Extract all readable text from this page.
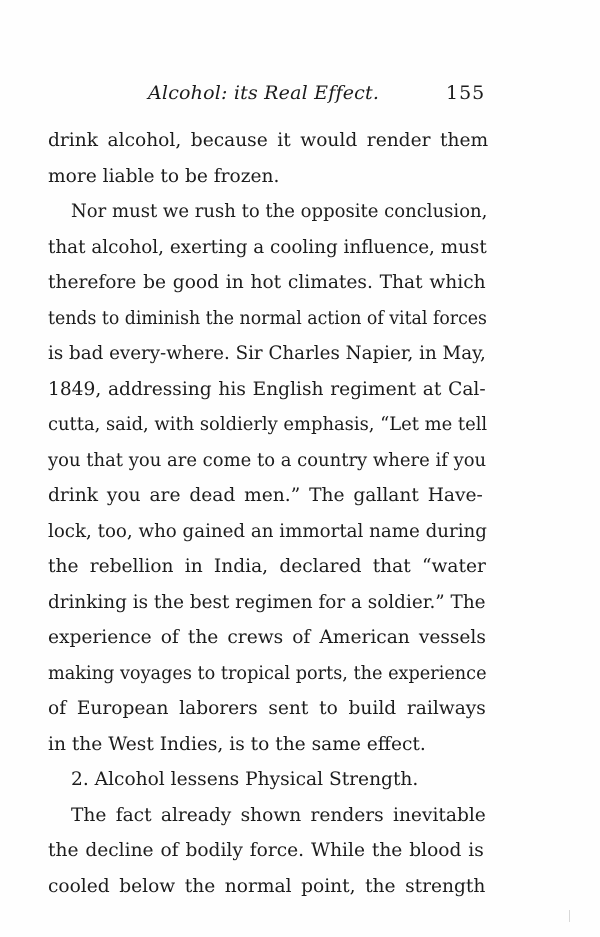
Alcohol: its Real Effect.	155
drink alcohol, because it would render them
more liable to be frozen.
Nor must we rush to the opposite conclusion,
that alcohol, exerting a cooling influence, must
therefore be good in hot climates. That which
tends to diminish the normal action of vital forces
is bad every-where. Sir Charles Napier, in May,
1849, addressing his English regiment at Cal-
cutta, said, with soldierly emphasis, “Let me tell
you that you are come to a country where if you
drink you are dead men.” The gallant Have-
lock, too, who gained an immortal name during
the rebellion in India, declared that “water
drinking is the best regimen for a soldier.” The
experience of the crews of American vessels
making voyages to tropical ports, the experience
of European laborers sent to build railways
in the West Indies, is to the same effect.
2. Alcohol lessens Physical Strength.
The fact already shown renders inevitable
the decline of bodily force. While the blood is
cooled below the normal point, the strength
